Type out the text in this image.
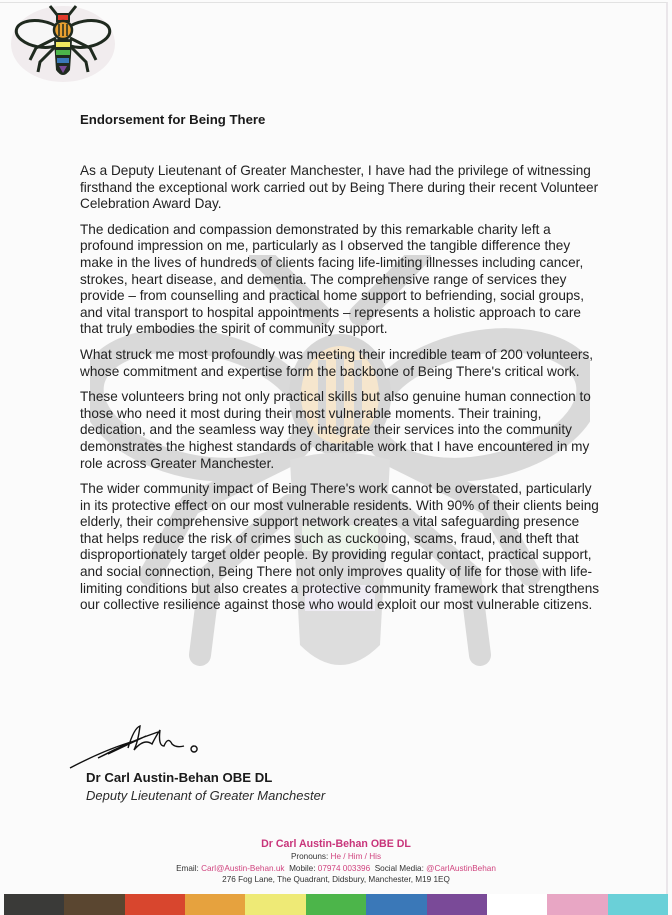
Endorsement for Being There

As a Deputy Lieutenant of Greater Manchester, I have had the privilege of witnessing firsthand the exceptional work carried out by Being There during their recent Volunteer Celebration Award Day.

The dedication and compassion demonstrated by this remarkable charity left a profound impression on me, particularly as I observed the tangible difference they make in the lives of hundreds of clients facing life-limiting illnesses including cancer, strokes, heart disease, and dementia. The comprehensive range of services they provide – from counselling and practical home support to befriending, social groups, and vital transport to hospital appointments – represents a holistic approach to care that truly embodies the spirit of community support.

What struck me most profoundly was meeting their incredible team of 200 volunteers, whose commitment and expertise form the backbone of Being There's critical work.

These volunteers bring not only practical skills but also genuine human connection to those who need it most during their most vulnerable moments. Their training, dedication, and the seamless way they integrate their services into the community demonstrates the highest standards of charitable work that I have encountered in my role across Greater Manchester.

The wider community impact of Being There's work cannot be overstated, particularly in its protective effect on our most vulnerable residents. With 90% of their clients being elderly, their comprehensive support network creates a vital safeguarding presence that helps reduce the risk of crimes such as cuckooing, scams, fraud, and theft that disproportionately target older people. By providing regular contact, practical support, and social connection, Being There not only improves quality of life for those with life-limiting conditions but also creates a protective community framework that strengthens our collective resilience against those who would exploit our most vulnerable citizens.

Dr Carl Austin-Behan OBE DL
Deputy Lieutenant of Greater Manchester
Dr Carl Austin-Behan OBE DL
Pronouns: He / Him / His
Email: Carl@Austin-Behan.uk Mobile: 07974 003396 Social Media: @CarlAustinBehan
276 Fog Lane, The Quadrant, Didsbury, Manchester, M19 1EQ
